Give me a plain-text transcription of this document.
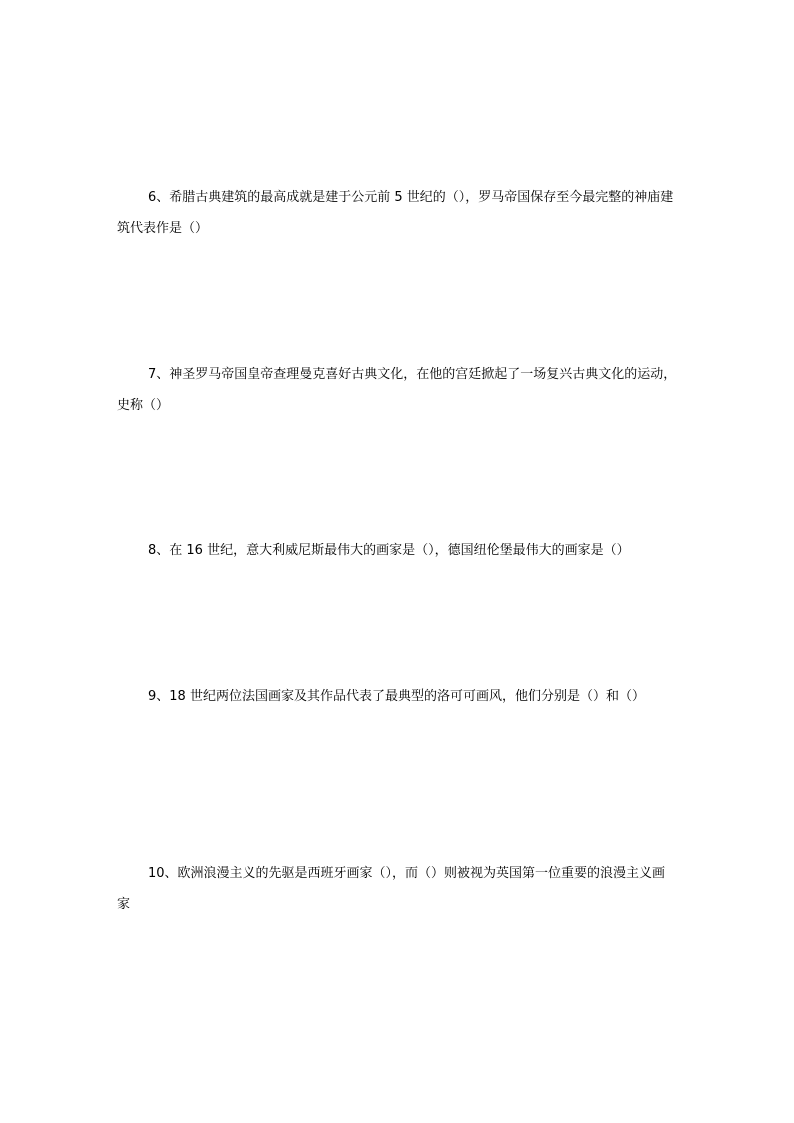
6、希腊古典建筑的最高成就是建于公元前 5 世纪的（），罗马帝国保存至今最完整的神庙建筑代表作是（）

7、神圣罗马帝国皇帝查理曼克喜好古典文化，在他的宫廷掀起了一场复兴古典文化的运动，史称（）

8、在 16 世纪，意大利威尼斯最伟大的画家是（），德国纽伦堡最伟大的画家是（）

9、18 世纪两位法国画家及其作品代表了最典型的洛可可画风，他们分别是（）和（）

10、欧洲浪漫主义的先驱是西班牙画家（），而（）则被视为英国第一位重要的浪漫主义画家
